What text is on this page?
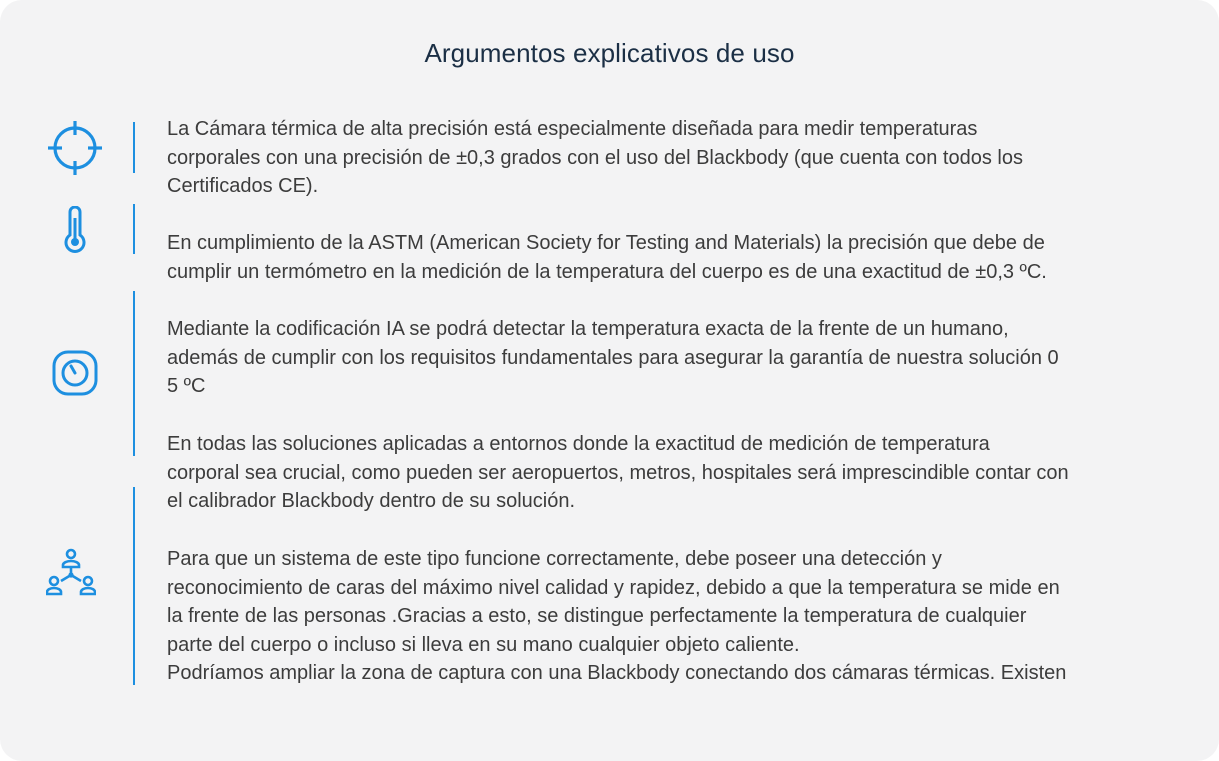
Argumentos explicativos de uso

La Cámara térmica de alta precisión está especialmente diseñada para medir temperaturas

corporales con una precisión de ±0,3 grados con el uso del Blackbody (que cuenta con todos los

Certificados CE).

En cumplimiento de la ASTM (American Society for Testing and Materials) la precisión que debe de

cumplir un termómetro en la medición de la temperatura del cuerpo es de una exactitud de ±0,3 ºC.

Mediante la codificación IA se podrá detectar la temperatura exacta de la frente de un humano,

además de cumplir con los requisitos fundamentales para asegurar la garantía de nuestra solución 0

5 ºC

En todas las soluciones aplicadas a entornos donde la exactitud de medición de temperatura

corporal sea crucial, como pueden ser aeropuertos, metros, hospitales será imprescindible contar con

el calibrador Blackbody dentro de su solución.

Para que un sistema de este tipo funcione correctamente, debe poseer una detección y

reconocimiento de caras del máximo nivel calidad y rapidez, debido a que la temperatura se mide en

la frente de las personas .Gracias a esto, se distingue perfectamente la temperatura de cualquier

parte del cuerpo o incluso si lleva en su mano cualquier objeto caliente.

Podríamos ampliar la zona de captura con una Blackbody conectando dos cámaras térmicas. Existen
